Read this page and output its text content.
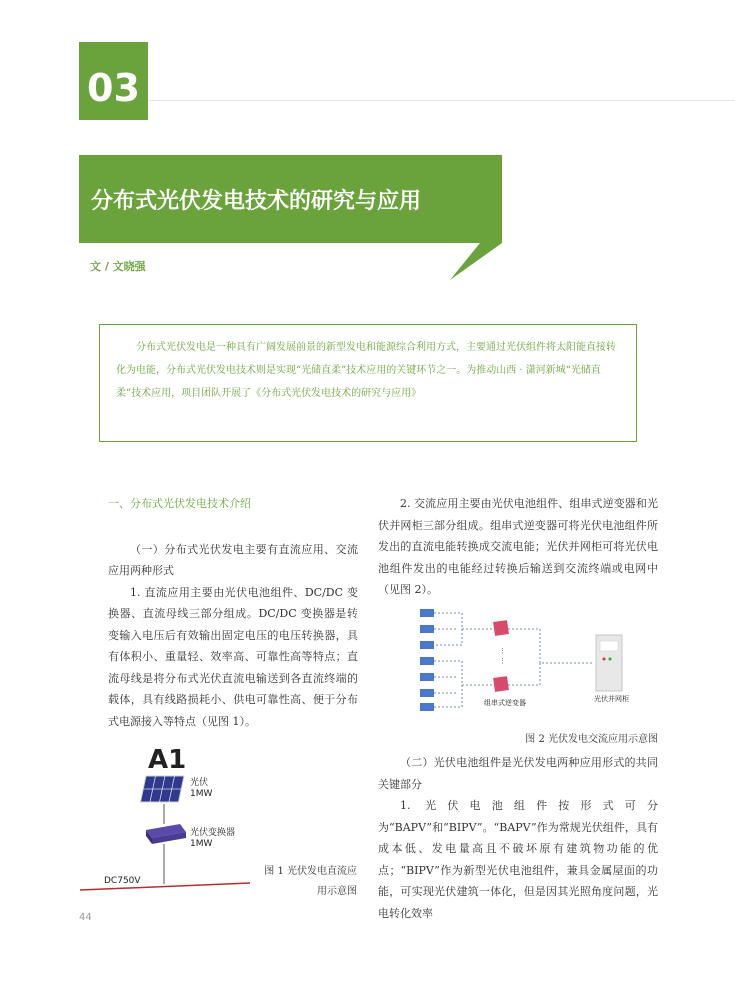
03
分布式光伏发电技术的研究与应用
文 / 文晓强

分布式光伏发电是一种具有广阔发展前景的新型发电和能源综合利用方式，主要通过光伏组件将太阳能直接转化为电能，分布式光伏发电技术则是实现“光储直柔”技术应用的关键环节之一。为推动山西 · 潇河新城“光储直柔”技术应用，项目团队开展了《分布式光伏发电技术的研究与应用》

一、分布式光伏发电技术介绍

（一）分布式光伏发电主要有直流应用、交流应用两种形式

1. 直流应用主要由光伏电池组件、DC/DC 变换器、直流母线三部分组成。DC/DC 变换器是转变输入电压后有效输出固定电压的电压转换器，具有体积小、重量轻、效率高、可靠性高等特点；直流母线是将分布式光伏直流电输送到各直流终端的载体，具有线路损耗小、供电可靠性高、便于分布式电源接入等特点（见图 1）。

A1
光伏
1MW
光伏变换器
1MW
DC750V
图 1 光伏发电直流应用示意图

2. 交流应用主要由光伏电池组件、组串式逆变器和光伏并网柜三部分组成。组串式逆变器可将光伏电池组件所发出的直流电能转换成交流电能；光伏并网柜可将光伏电池组件发出的电能经过转换后输送到交流终端或电网中（见图 2）。

⋮
⋮
组串式逆变器	光伏并网柜
图 2 光伏发电交流应用示意图

（二）光伏电池组件是光伏发电两种应用形式的共同关键部分

1. 光伏电池组件按形式可分为“BAPV”和“BIPV”。“BAPV”作为常规光伏组件，具有成本低、发电量高且不破坏原有建筑物功能的优点；“BIPV”作为新型光伏电池组件，兼具金属屋面的功能，可实现光伏建筑一体化，但是因其光照角度问题，光电转化效率

44
